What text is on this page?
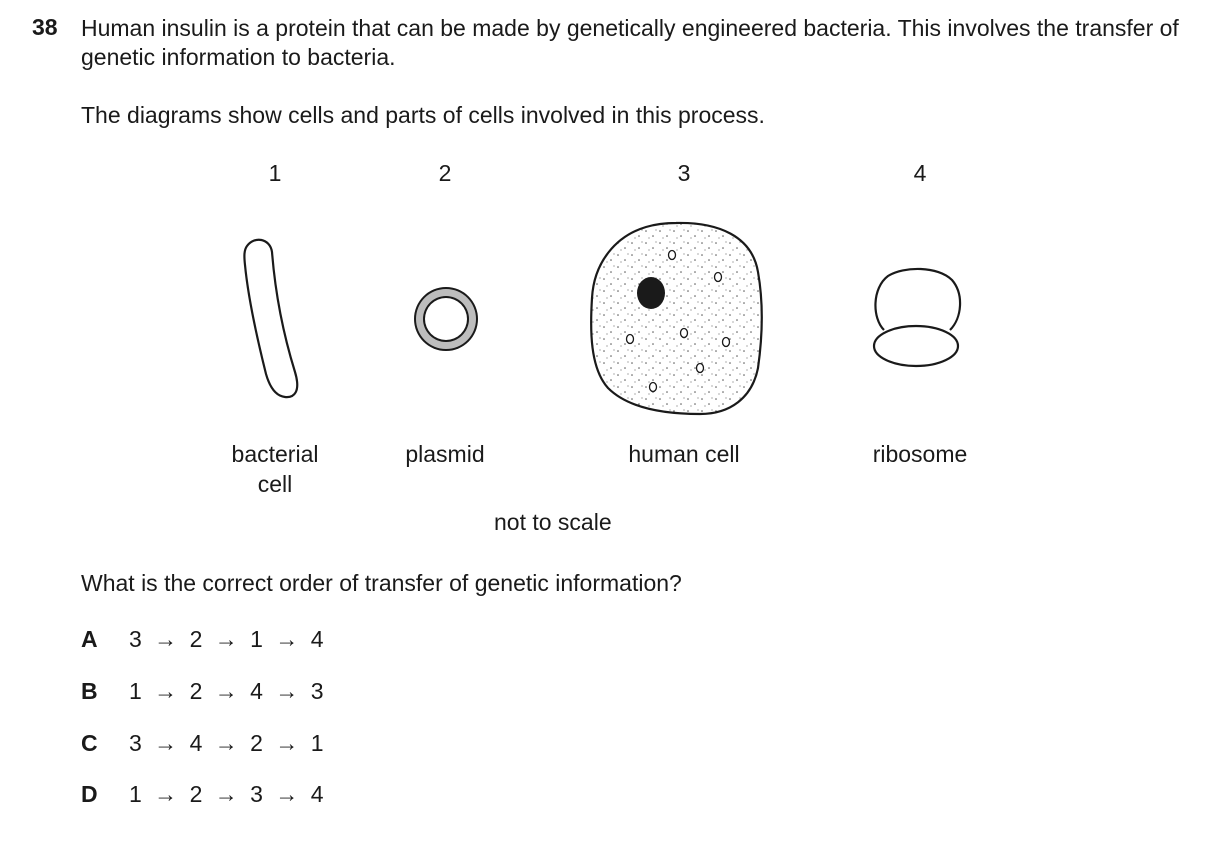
38 Human insulin is a protein that can be made by genetically engineered bacteria. This involves the transfer of genetic information to bacteria.
The diagrams show cells and parts of cells involved in this process.
1	2	3	4
bacterial cell
plasmid	human cell	ribosome
not to scale
What is the correct order of transfer of genetic information?
A	3 → 2 → 1 → 4
B	1 → 2 → 4 → 3
C	3 → 4 → 2 → 1
D	1 → 2 → 3 → 4
